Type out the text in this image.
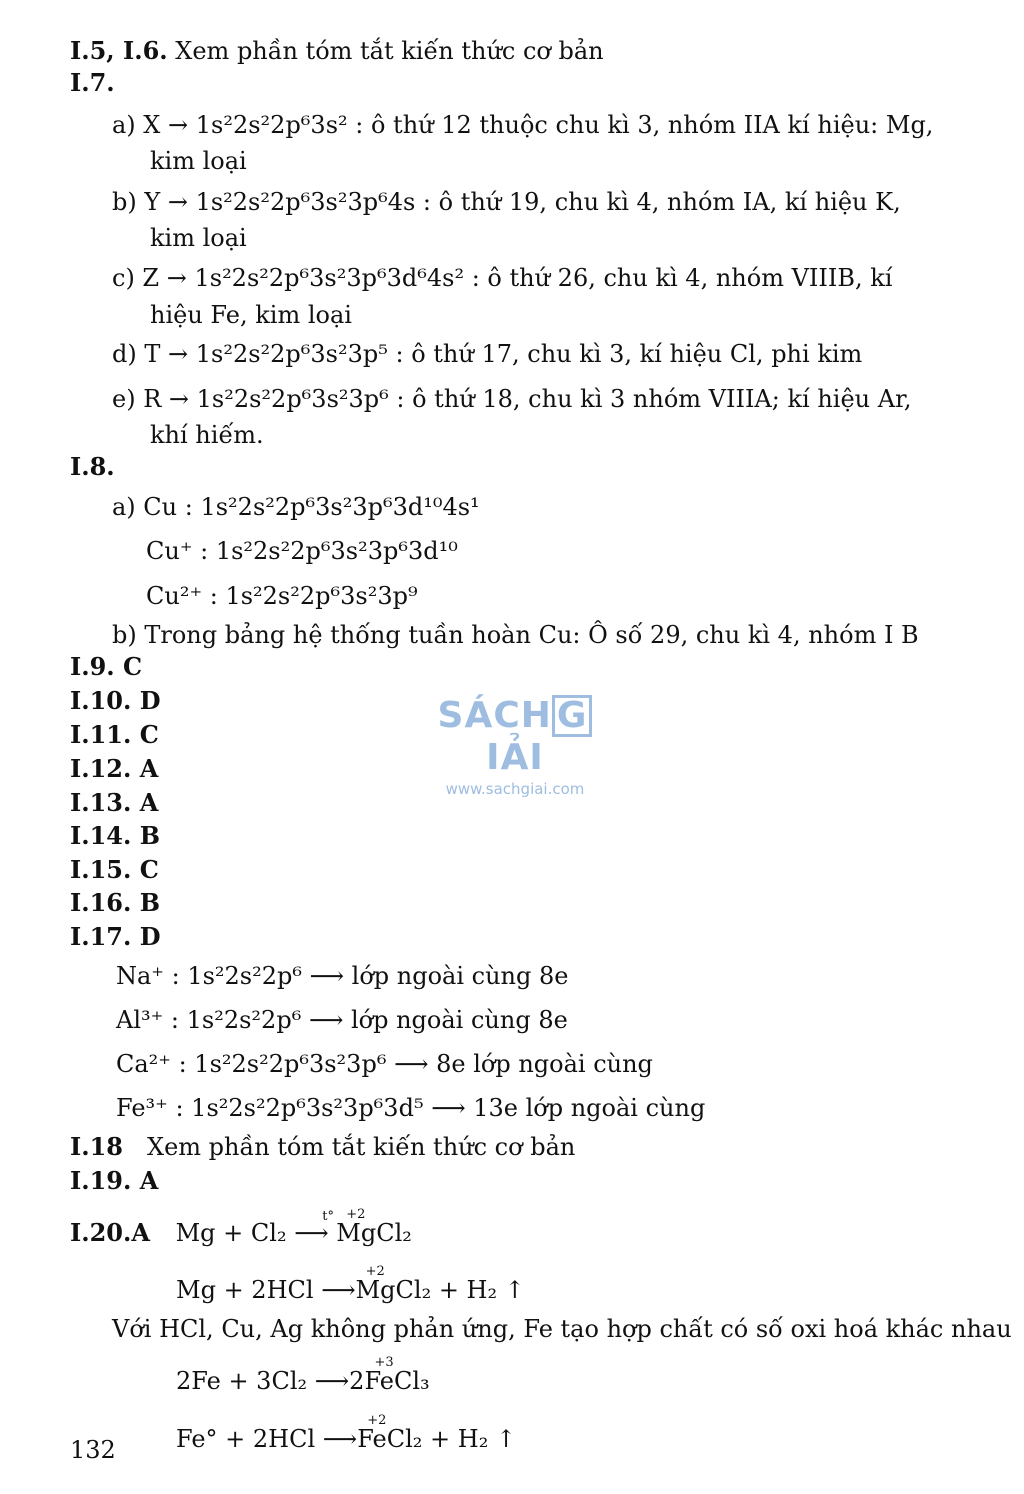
I.5, I.6. Xem phần tóm tắt kiến thức cơ bản
I.7.
a) X → 1s²2s²2p⁶3s² : ô thứ 12 thuộc chu kì 3, nhóm IIA kí hiệu: Mg,
kim loại
b) Y → 1s²2s²2p⁶3s²3p⁶4s : ô thứ 19, chu kì 4, nhóm IA, kí hiệu K,
kim loại
c) Z → 1s²2s²2p⁶3s²3p⁶3d⁶4s² : ô thứ 26, chu kì 4, nhóm VIIIB, kí
hiệu Fe, kim loại
d) T → 1s²2s²2p⁶3s²3p⁵ : ô thứ 17, chu kì 3, kí hiệu Cl, phi kim
e) R → 1s²2s²2p⁶3s²3p⁶ : ô thứ 18, chu kì 3 nhóm VIIIA; kí hiệu Ar,
khí hiếm.
I.8.
a) Cu : 1s²2s²2p⁶3s²3p⁶3d¹⁰4s¹
Cu⁺ : 1s²2s²2p⁶3s²3p⁶3d¹⁰
Cu²⁺ : 1s²2s²2p⁶3s²3p⁹
b) Trong bảng hệ thống tuần hoàn Cu: Ô số 29, chu kì 4, nhóm I B
I.9. C
I.10. D
I.11. C
I.12. A
I.13. A
I.14. B
I.15. C
I.16. B
I.17. D
Na⁺ : 1s²2s²2p⁶ ⟶ lớp ngoài cùng 8e
Al³⁺ : 1s²2s²2p⁶ ⟶ lớp ngoài cùng 8e
Ca²⁺ : 1s²2s²2p⁶3s²3p⁶ ⟶ 8e lớp ngoài cùng
Fe³⁺ : 1s²2s²2p⁶3s²3p⁶3d⁵ ⟶ 13e lớp ngoài cùng
I.18 Xem phần tóm tắt kiến thức cơ bản
I.19. A
I.20.A Mg + Cl₂
t°
⟶
+2
MgCl₂
Mg + 2HCl ⟶
+2
MgCl₂ + H₂ ↑
Với HCl, Cu, Ag không phản ứng, Fe tạo hợp chất có số oxi hoá khác nhau
2Fe + 3Cl₂ ⟶2
+3
FeCl₃
Fe° + 2HCl ⟶
+2
FeCl₂ + H₂ ↑
SÁCH GIẢI
www.sachgiai.com
132
